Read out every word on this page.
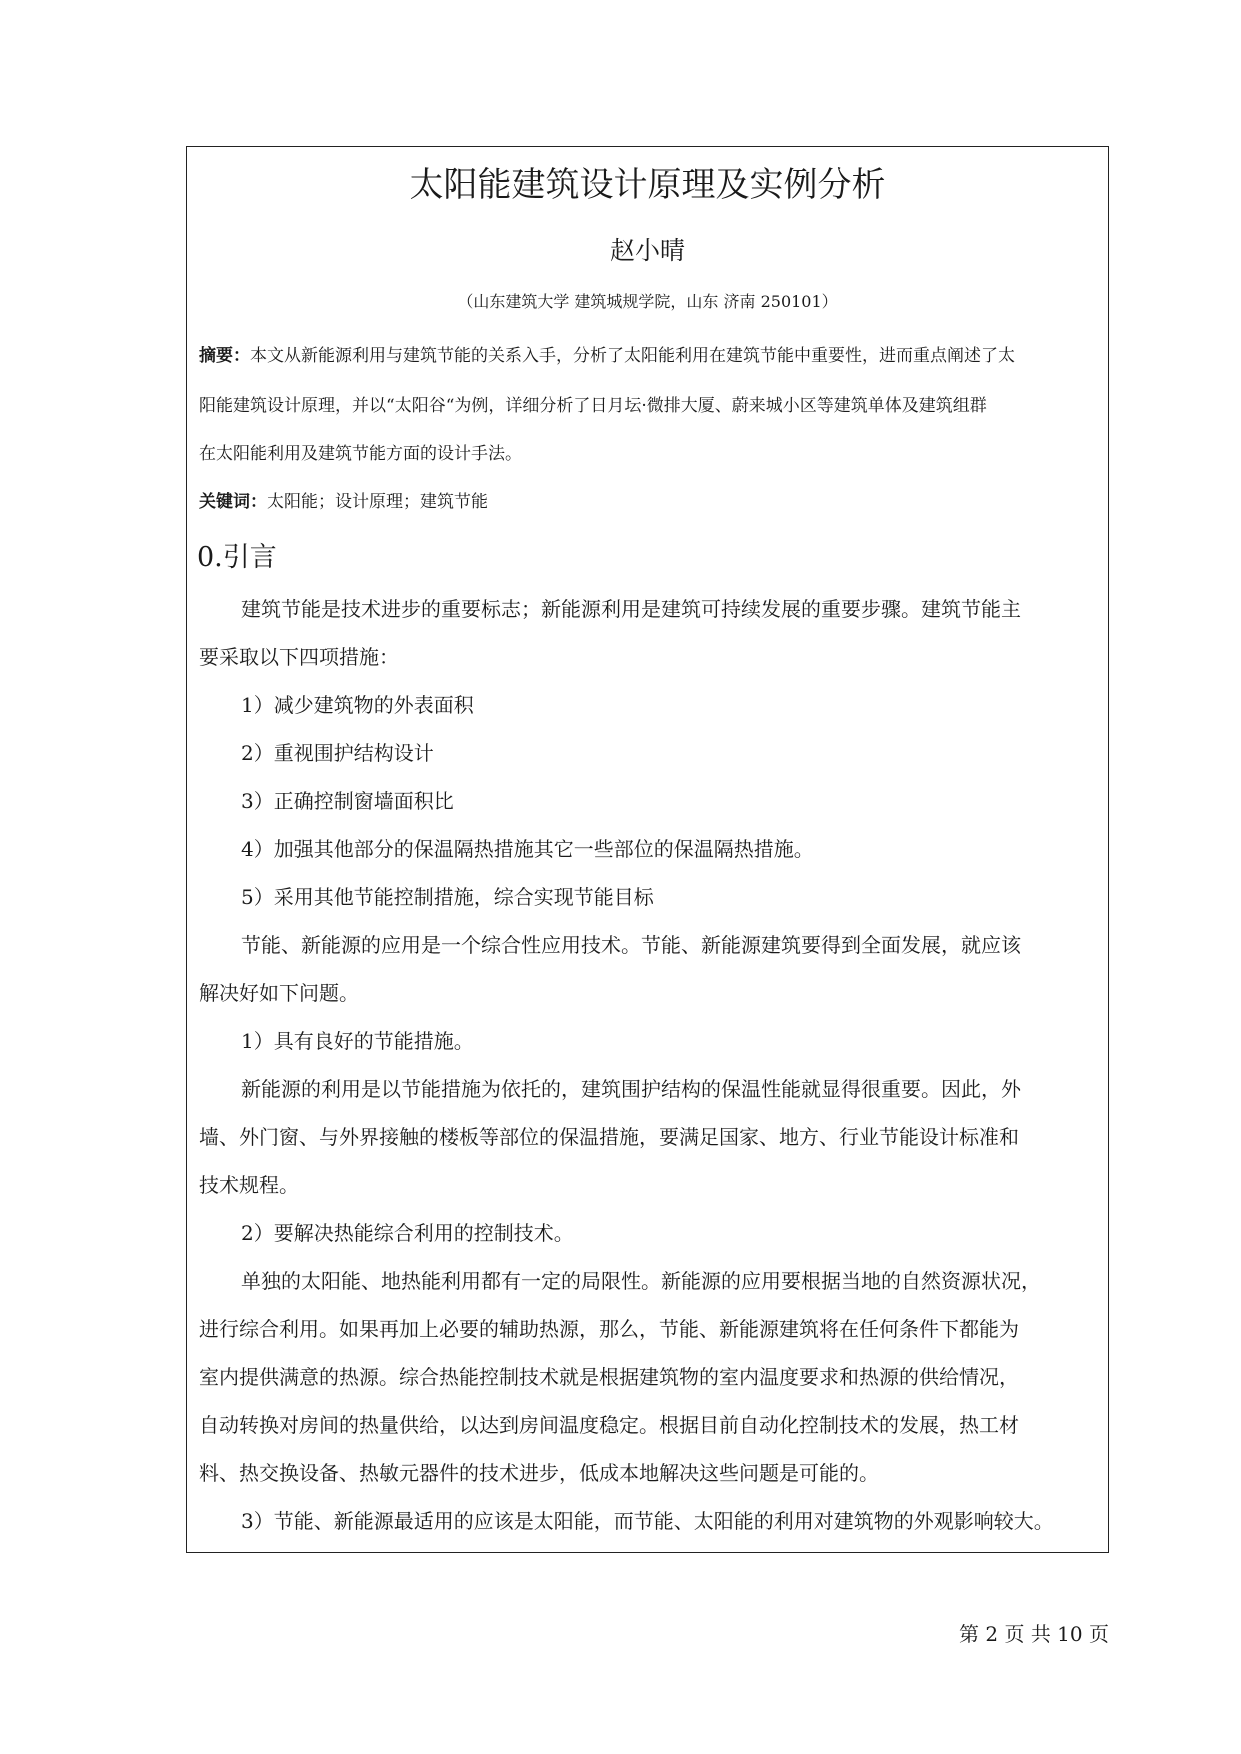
太阳能建筑设计原理及实例分析
赵小晴
（山东建筑大学 建筑城规学院，山东 济南 250101）
摘要：本文从新能源利用与建筑节能的关系入手，分析了太阳能利用在建筑节能中重要性，进而重点阐述了太
阳能建筑设计原理，并以“太阳谷“为例，详细分析了日月坛·微排大厦、蔚来城小区等建筑单体及建筑组群
在太阳能利用及建筑节能方面的设计手法。
关键词：太阳能；设计原理；建筑节能
0.引言
建筑节能是技术进步的重要标志；新能源利用是建筑可持续发展的重要步骤。建筑节能主
要采取以下四项措施：
1）减少建筑物的外表面积
2）重视围护结构设计
3）正确控制窗墙面积比
4）加强其他部分的保温隔热措施其它一些部位的保温隔热措施。
5）采用其他节能控制措施，综合实现节能目标
节能、新能源的应用是一个综合性应用技术。节能、新能源建筑要得到全面发展，就应该
解决好如下问题。
1）具有良好的节能措施。
新能源的利用是以节能措施为依托的，建筑围护结构的保温性能就显得很重要。因此，外
墙、外门窗、与外界接触的楼板等部位的保温措施，要满足国家、地方、行业节能设计标准和
技术规程。
2）要解决热能综合利用的控制技术。
单独的太阳能、地热能利用都有一定的局限性。新能源的应用要根据当地的自然资源状况，
进行综合利用。如果再加上必要的辅助热源，那么，节能、新能源建筑将在任何条件下都能为
室内提供满意的热源。综合热能控制技术就是根据建筑物的室内温度要求和热源的供给情况，
自动转换对房间的热量供给，以达到房间温度稳定。根据目前自动化控制技术的发展，热工材
料、热交换设备、热敏元器件的技术进步，低成本地解决这些问题是可能的。
3）节能、新能源最适用的应该是太阳能，而节能、太阳能的利用对建筑物的外观影响较大。
第 2 页 共 10 页
